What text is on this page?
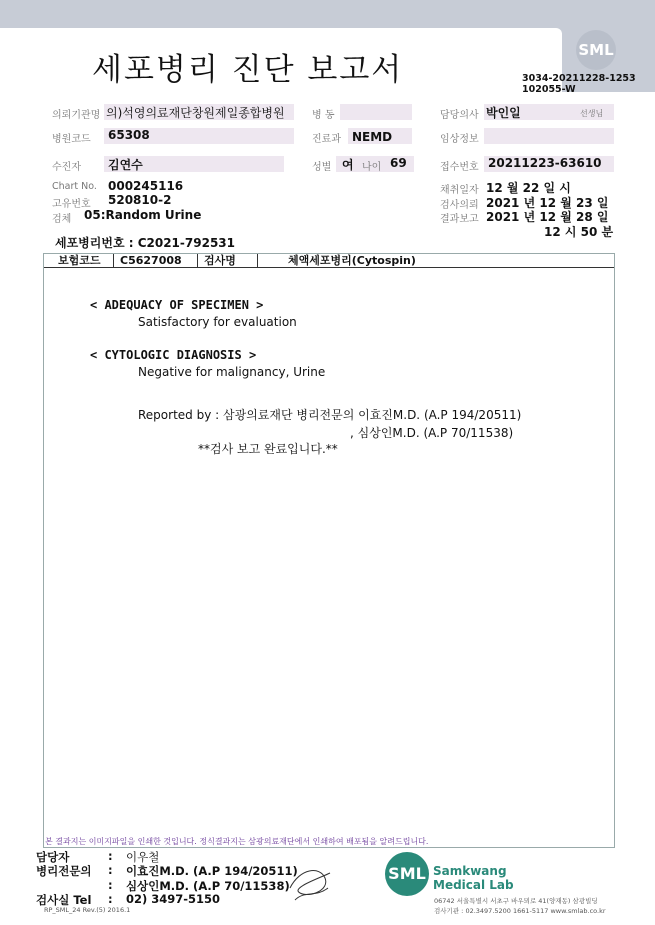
세포병리 진단 보고서
SML
3034-20211228-1253
102055-W
의뢰기관명 의)석영의료재단창원제일종합병원	병 동	담당의사 박인일	선생님
병원코드 65308	진료과 NEMD	임상정보
수진자 김연수	성별 여 나이 69	접수번호 20211223-63610
Chart No. 000245116
고유번호 520810-2
검체 05:Random Urine
채취일자 12 월 22 일 시
검사의뢰 2021 년 12 월 23 일
결과보고 2021 년 12 월 28 일
12 시 50 분
세포병리번호 : C2021-792531
보험코드	C5627008	검사명	체액세포병리(Cytospin)
< ADEQUACY OF SPECIMEN >
Satisfactory for evaluation
< CYTOLOGIC DIAGNOSIS >
Negative for malignancy, Urine
Reported by : 삼광의료재단 병리전문의 이효진M.D. (A.P 194/20511)
, 심상인M.D. (A.P 70/11538)
**검사 보고 완료입니다.**
본 결과지는 이미지파일을 인쇄한 것입니다. 정식결과지는 삼광의료재단에서 인쇄하여 배포됨을 알려드립니다.
담당자	: 이우철
병리전문의 : 이효진M.D. (A.P 194/20511)
: 심상인M.D. (A.P 70/11538)
검사실 Tel : 02) 3497-5150
RP_SML_24 Rev.(5) 2016.1
SML Samkwang
Medical Lab
06742 서울특별시 서초구 바우뫼로 41(양재동) 삼광빌딩
검사기관 : 02.3497.5200 1661-5117 www.smlab.co.kr
